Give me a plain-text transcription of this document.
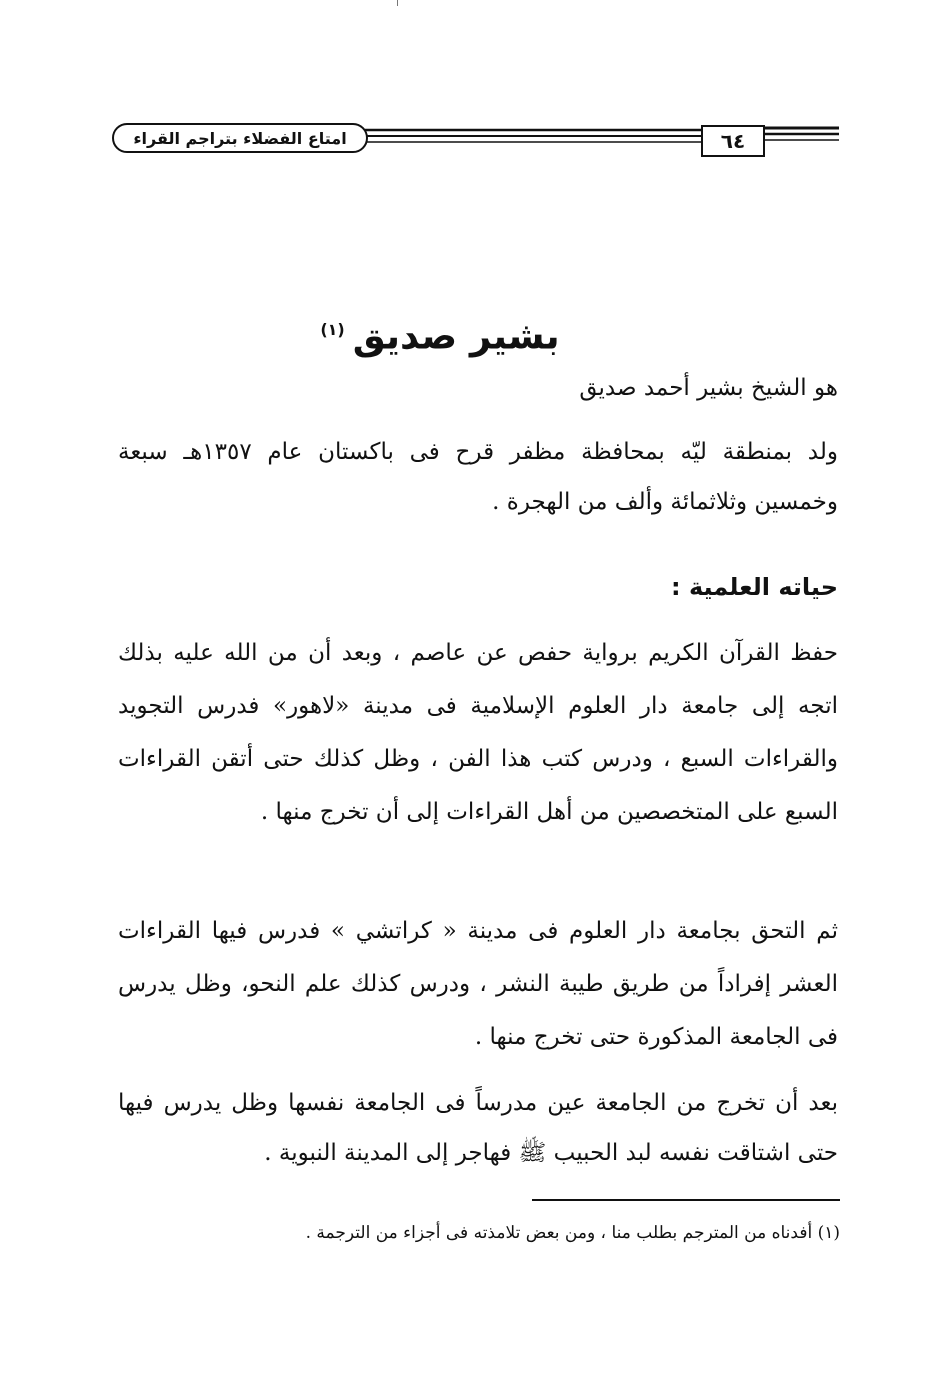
امتاع الفضلاء بتراجم القراء	٦٤
بشير صديق$^{(١)}$
هو الشيخ بشير أحمد صديق
ولد بمنطقة ليّه بمحافظة مظفر قرح فى باكستان عام ١٣٥٧هـ سبعة وخمسين وثلاثمائة وألف من الهجرة .
حياته العلمية :
حفظ القرآن الكريم برواية حفص عن عاصم ، وبعد أن من الله عليه بذلك اتجه إلى جامعة دار العلوم الإسلامية فى مدينة «لاهور» فدرس التجويد والقراءات السبع ، ودرس كتب هذا الفن ، وظل كذلك حتى أتقن القراءات السبع على المتخصصين من أهل القراءات إلى أن تخرج منها .
ثم التحق بجامعة دار العلوم فى مدينة « كراتشي » فدرس فيها القراءات العشر إفراداً من طريق طيبة النشر ، ودرس كذلك علم النحو، وظل يدرس فى الجامعة المذكورة حتى تخرج منها .
بعد أن تخرج من الجامعة عين مدرساً فى الجامعة نفسها وظل يدرس فيها حتى اشتاقت نفسه لبد الحبيب ﷺ فهاجر إلى المدينة النبوية .
(١) أفدناه من المترجم بطلب منا ، ومن بعض تلامذته فى أجزاء من الترجمة .
